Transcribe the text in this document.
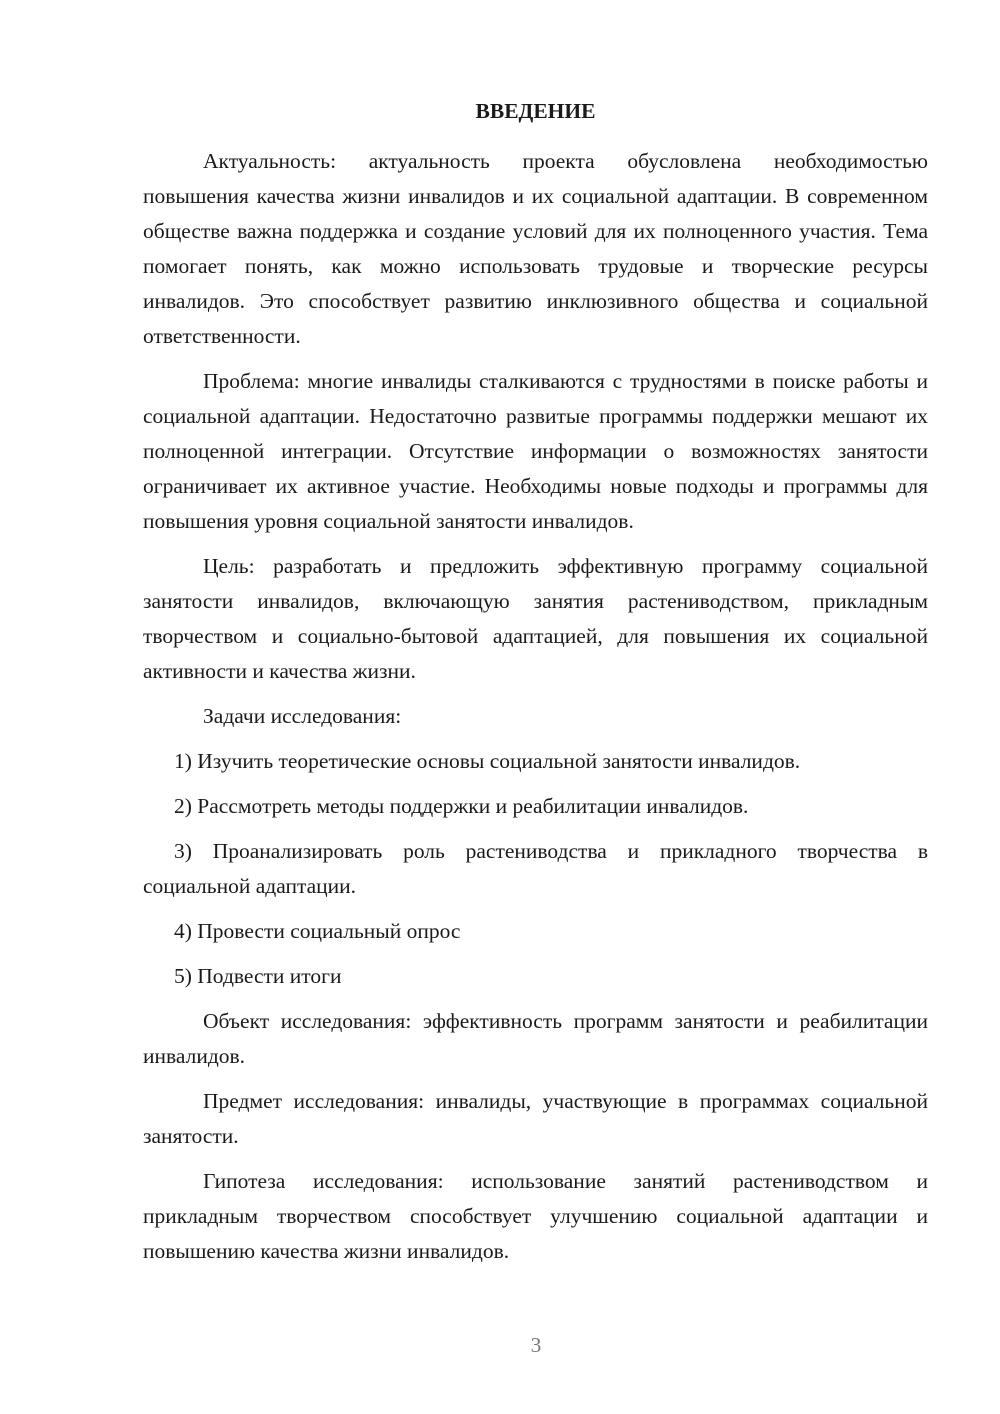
ВВЕДЕНИЕ

Актуальность: актуальность проекта обусловлена необходимостью повышения качества жизни инвалидов и их социальной адаптации. В современном обществе важна поддержка и создание условий для их полноценного участия. Тема помогает понять, как можно использовать трудовые и творческие ресурсы инвалидов. Это способствует развитию инклюзивного общества и социальной ответственности.

Проблема: многие инвалиды сталкиваются с трудностями в поиске работы и социальной адаптации. Недостаточно развитые программы поддержки мешают их полноценной интеграции. Отсутствие информации о возможностях занятости ограничивает их активное участие. Необходимы новые подходы и программы для повышения уровня социальной занятости инвалидов.

Цель: разработать и предложить эффективную программу социальной занятости инвалидов, включающую занятия растениводством, прикладным творчеством и социально-бытовой адаптацией, для повышения их социальной активности и качества жизни.

Задачи исследования:

1) Изучить теоретические основы социальной занятости инвалидов.

2) Рассмотреть методы поддержки и реабилитации инвалидов.

3) Проанализировать роль растениводства и прикладного творчества в социальной адаптации.

4) Провести социальный опрос

5) Подвести итоги

Объект исследования: эффективность программ занятости и реабилитации инвалидов.

Предмет исследования: инвалиды, участвующие в программах социальной занятости.

Гипотеза исследования: использование занятий растениводством и прикладным творчеством способствует улучшению социальной адаптации и повышению качества жизни инвалидов.

3
